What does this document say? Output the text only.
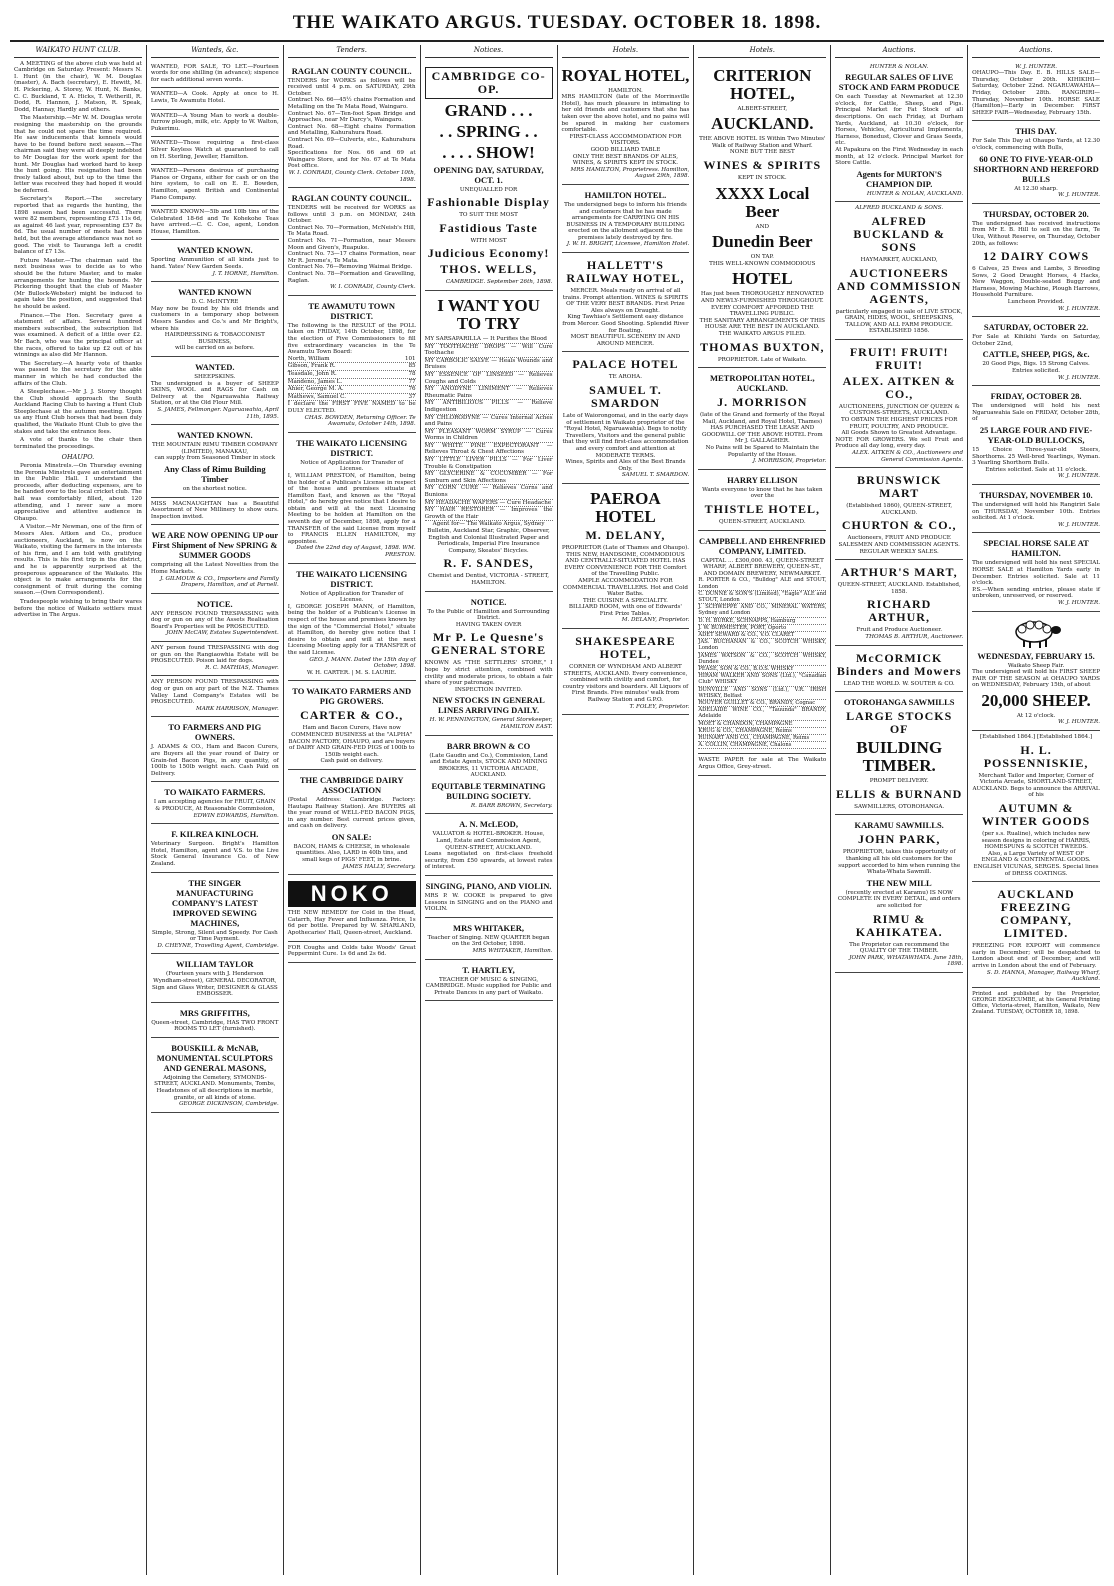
THE WAIKATO ARGUS. TUESDAY. OCTOBER 18. 1898.
WAIKATO HUNT CLUB.

A MEETING of the above club was held at Cambridge on Saturday. Present: Messrs N. I. Hunt (in the chair), W. M. Douglas (master), A. Bach (secretary), E. Hewitt, M. H. Pickering, A. Storey, W. Hunt, N. Banks, C. C. Buckland, T. A. Hicks, T. Wetherill, R. Dodd, R. Hannon, J. Matson, R. Speak, Dodd, Hannay, Hardly and others.

The Mastership.—Mr W. M. Douglas wrote resigning the mastership on the grounds that he could not spare the time required. He saw inducements that kennels would have to be found before next season.—The chairman said they were all deeply indebted to Mr Douglas for the work spent for the hunt. Mr Douglas had worked hard to keep the hunt going. His resignation had been freely talked about, but up to the time the letter was received they had hoped it would be deferred.

Secretary's Report.—The secretary reported that as regards the hunting, the 1898 season had been successful. There were 82 members, representing £73 11s 6d, as against 46 last year, representing £57 8s 6d. The usual number of meets had been held, but the average attendance was not so good. The visit to Tauranga left a credit balance of £7 13s.

Future Master.—The chairman said the next business was to decide as to who should be the future Master, and to make arrangements for hunting the hounds. Mr Pickering thought that the club of Master (Mr Bullock-Webster) might be induced to again take the position, and suggested that he should be asked.

Finance.—The Hon. Secretary gave a statement of affairs. Several hundred members subscribed, the subscription list was examined. A deficit of a little over £2. Mr Bach, who was the principal officer at the races, offered to take up £2 out of his winnings as also did Mr Hannon.

The Secretary.—A hearty vote of thanks was passed to the secretary for the able manner in which he had conducted the affairs of the Club.

A Steeplechase.—Mr J. J. Storey thought the Club should approach the South Auckland Racing Club to having a Hunt Club Steeplechase at the autumn meeting. Upon us any Hunt Club horses that had been duly qualified, the Waikato Hunt Club to give the stakes and take the entrance fees.

A vote of thanks to the chair then terminated the proceedings.

OHAUPO.

Peronia Minstrels.—On Thursday evening the Peronia Minstrels gave an entertainment in the Public Hall. I understand the proceeds, after deducting expenses, are to be handed over to the local cricket club. The hall was comfortably filled, about 120 attending, and I never saw a more appreciative and attentive audience in Ohaupo.

A Visitor.—Mr Newman, one of the firm of Messrs Alex. Aitken and Co., produce auctioneers, Auckland, is now on the Waikato, visiting the farmers in the interests of his firm, and I am told with gratifying results. This is his first trip in the district, and he is apparently surprised at the prosperous appearance of the Waikato. His object is to make arrangements for the consignment of fruit during the coming season.—(Own Correspondent).

Tradespeople wishing to bring their wares before the notice of Waikato settlers must advertise in The Argus.

Wanteds, &c.
WANTED, FOR SALE, TO LET.—Fourteen words for one shilling (in advance); sixpence for each additional seven words.
WANTED—A Cook. Apply at once to H. Lewis, Te Awamutu Hotel.
WANTED—A Young Man to work a double-furrow plough, milk, etc. Apply to W. Walton, Pukerimu.
WANTED—Those requiring a first-class Silver Keyless Watch at guaranteed to call on H. Sterling, Jeweller, Hamilton.
WANTED—Persons desirous of purchasing Pianos or Organs, either for cash or on the hire system, to call on E. E. Bowden, Hamilton, agent British and Continental Piano Company.
WANTED KNOWN—5lb and 10lb tins of the Celebrated 18-6d and Te Kohekohe Teas have arrived.—C. C. Coe, agent, London House, Hamilton.
WANTED KNOWN.
Sporting Ammunition of all kinds just to hand. Yates' New Garden Seeds.
J. T. HORNE, Hamilton.
WANTED KNOWN
D. C. McINTYRE
May now be found by his old friends and customers in a temporary shop between Messrs Sandes and Co.'s and Mr Bright's, where his
HAIRDRESSING & TOBACCONIST BUSINESS,
will be carried on as before.
WANTED.
SHEEPSKINS.
The undersigned is a buyer of SHEEP SKINS, WOOL and RAGS for Cash on Delivery at the Ngaruawahia Railway Station, or at the Old Flour Mill.
S. JAMES, Fellmonger. Ngaruawahia, April 11th, 1895.
WANTED KNOWN.
THE MOUNTAIN RIMU TIMBER COMPANY (LIMITED), MANAKAU,
can supply from Seasoned Timber in stock
Any Class of Rimu Building Timber
on the shortest notice.
MISS MACNAUGHTAN has a Beautiful Assortment of New Millinery to show ours. Inspection invited.
WE ARE NOW OPENING UP our First Shipment of New SPRING & SUMMER GOODS
comprising all the Latest Novelties from the Home Markets.
J. GILMOUR & CO., Importers and Family Drapers, Hamilton, and at Parnell.
NOTICE.
ANY PERSON FOUND TRESPASSING with dog or gun on any of the Assets Realisation Board's Properties will be PROSECUTED.
JOHN McCAW, Estates Superintendent.
ANY person found TRESPASSING with dog or gun on the Rangiaowhia Estate will be PROSECUTED. Poison laid for dogs.
R. C. MATHIAS, Manager.
ANY PERSON FOUND TRESPASSING with dog or gun on any part of the N.Z. Thames Valley Land Company's Estates will be PROSECUTED.
MARK HARRISON, Manager.
TO FARMERS AND PIG OWNERS.
J. ADAMS & CO., Ham and Bacon Curers, are Buyers all the year round of Dairy or Grain-fed Bacon Pigs, in any quantity, of 100lb to 150lb weight each. Cash Paid on Delivery.
TO WAIKATO FARMERS.
I am accepting agencies for FRUIT, GRAIN & PRODUCE, At Reasonable Commission,
EDWIN EDWARDS, Hamilton.
F. KILREA KINLOCH.
Veterinary Surgeon. Bright's Hamilton Hotel, Hamilton, agent and V.S. to the Live Stock General Insurance Co. of New Zealand.
THE SINGER MANUFACTURING COMPANY'S LATEST IMPROVED SEWING MACHINES,
Simple, Strong, Silent and Speedy. For Cash or Time Payment.
D. CHEYNE, Travelling Agent, Cambridge.
WILLIAM TAYLOR
(Fourteen years with J. Henderson Wyndham-street), GENERAL DECORATOR, Sign and Glass Writer, DESIGNER & GLASS EMBOSSER.
MRS GRIFFITHS,
Queen-street, Cambridge, HAS TWO FRONT ROOMS TO LET (furnished).
BOUSKILL & McNAB, MONUMENTAL SCULPTORS AND GENERAL MASONS,
Adjoining the Cemetery, SYMONDS-STREET, AUCKLAND. Monuments, Tombs, Headstones of all descriptions in marble, granite, or all kinds of stone.
GEORGE DICKINSON, Cambridge.
Tenders.
RAGLAN COUNTY COUNCIL.
TENDERS for WORKS as follows will be received until 4 p.m. on SATURDAY, 29th October.
Contract No. 66—45½ chains Formation and Metalling on the Te Mata Road, Waingaro.
Contract No. 67—Ten-foot Span Bridge and Approaches, near Mr Darcy's, Waingaro.
Contract No. 68—Eight chains Formation and Metalling, Kahurahura Road.
Contract No. 69—Culverts, etc., Kahurahura Road.
Specifications for Nos. 66 and 69 at Waingaro Store, and for No. 67 at Te Mata Post office.
W. I. CONRADI, County Clerk. October 10th, 1898.
RAGLAN COUNTY COUNCIL.
TENDERS will be received for WORKS as follows until 3 p.m. on MONDAY, 24th October.
Contract No. 70—Formation, McNeish's Hill, Te Mata Road.
Contract No. 71—Formation, near Messrs Moon and Given's, Ruapuke.
Contract No. 73—17 chains Formation, near Mr R. Jerome's, Te Mata.
Contract No. 76—Removing Waimai Bridge.
Contract No. 78—Formation and Gravelling, Raglan.
W. I. CONRADI, County Clerk.
TE AWAMUTU TOWN DISTRICT.
The following is the RESULT of the POLL taken on FRIDAY, 14th October, 1898, for the election of Five Commissioners to fill five extraordinary vacancies in the Te Awamutu Town Board:
North, William	101
Gibson, Frank R.	85
Teasdale, John R.	78
Mandeno, James L.	77
Ahier, George M. A.	76
Mathews, Samuel C.	37
I declare the FIRST FIVE NAMED to be DULY ELECTED.
CHAS. BOWDEN, Returning Officer. Te Awamutu, October 14th, 1898.
THE WAIKATO LICENSING DISTRICT.
Notice of Application for Transfer of License.
I, WILLIAM PRESTON, of Hamilton, being the holder of a Publican's License in respect of the house and premises situate at Hamilton East, and known as the "Royal Hotel," do hereby give notice that I desire to obtain and will at the next Licensing Meeting to be holden at Hamilton on the seventh day of December, 1898, apply for a TRANSFER of the said License from myself to FRANCIS ELLEN HAMILTON, my appointee.
Dated the 22nd day of August, 1898. WM. PRESTON.
THE WAIKATO LICENSING DISTRICT.
Notice of Application for Transfer of License.
I, GEORGE JOSEPH MANN, of Hamilton, being the holder of a Publican's License in respect of the house and premises known by the sign of the "Commercial Hotel," situate at Hamilton, do hereby give notice that I desire to obtain and will at the next Licensing Meeting apply for a TRANSFER of the said License.
GEO. J. MANN. Dated the 15th day of October, 1898.
W. H. CARTER. | M. S. LAURIE.
TO WAIKATO FARMERS AND PIG GROWERS.
CARTER & CO.,
Ham and Bacon Curers, Have now COMMENCED BUSINESS at the "ALPHA" BACON FACTORY, OHAUPO, and are buyers of DAIRY AND GRAIN-FED PIGS of 100lb to 150lb weight each.
Cash paid on delivery.
THE CAMBRIDGE DAIRY ASSOCIATION
(Postal Address: Cambridge. Factory: Hautapu Railway Station). Are BUYERS all the year round of WELL-FED BACON PIGS, in any number. Best current prices given, and cash on delivery.
ON SALE:
BACON, HAMS & CHEESE, in wholesale quantities. Also, LARD in 40lb tins, and small kegs of PIGS' FEET, in brine.
JAMES HALLY, Secretary.
NOKO
THE NEW REMEDY for Cold in the Head, Catarrh, Hay Fever and Influenza. Price, 1s 6d per bottle. Prepared by W. SHARLAND, Apothecaries' Hall, Queen-street, Auckland.
FOR Coughs and Colds take Woods' Great Peppermint Cure. 1s 6d and 2s 6d.
Notices.
CAMBRIDGE CO-OP.
GRAND . . .
. . SPRING . .
. . . . SHOW!
OPENING DAY, SATURDAY, OCT. 1.
UNEQUALLED FOR
Fashionable Display
TO SUIT THE MOST
Fastidious Taste
WITH MOST
Judicious Economy!
THOS. WELLS,
CAMBRIDGE. September 26th, 1898.
I WANT YOU TO TRY
MY SARSAPARILLA — It Purifies the Blood
MY TOOTHACHE DROPS — Will Cure Toothache
MY CARBOLIC SALVE — Heals Wounds and Bruises
MY ESSENCE OF LINSEED — Relieves Coughs and Colds
MY ANODYNE LINIMENT — Relieves Rheumatic Pains
MY ANTIBILIOUS PILLS — Relieve Indigestion
MY CHLORODYNE — Cures Internal Aches and Pains
MY PLEASANT WORM SYRUP — Cures Worms in Children
MY WHITE PINE EXPECTORANT — Relieves Throat & Chest Affections
MY LITTLE LIVER PILLS — For Liver Trouble & Constipation
MY GLYCERINE & CUCUMBER — For Sunburn and Skin Affections
MY CORN CURE — Relieves Corns and Bunions
MY HEADACHE WAFERS — Cure Headache
MY HAIR RESTORER — Improves the Growth of the Hair
Agent for— The Waikato Argus, Sydney Bulletin, Auckland Star, Graphic, Observer, English and Colonial Illustrated Paper and Periodicals, Imperial Fire Insurance Company, Skeates' Bicycles.
R. F. SANDES,
Chemist and Dentist, VICTORIA - STREET, HAMILTON.
NOTICE.
To the Public of Hamilton and Surrounding District.
HAVING TAKEN OVER
Mr P. Le Quesne's GENERAL STORE
KNOWN AS "THE SETTLERS' STORE," I hope by strict attention, combined with civility and moderate prices, to obtain a fair share of your patronage.
INSPECTION INVITED.
NEW STOCKS IN GENERAL LINES ARRIVING DAILY.
H. W. PENNINGTON, General Storekeeper, HAMILTON EAST.
BARR BROWN & CO
(Late Gaudin and Co.), Commission, Land and Estate Agents, STOCK AND MINING BROKERS, 11 VICTORIA ARCADE, AUCKLAND.
EQUITABLE TERMINATING BUILDING SOCIETY.
R. BARR BROWN, Secretary.
A. N. McLEOD,
VALUATOR & HOTEL-BROKER. House, Land, Estate and Commission Agent, QUEEN-STREET, AUCKLAND.
Loans negotiated on first-class freehold security, from £50 upwards, at lowest rates of interest.
SINGING, PIANO, AND VIOLIN.
MRS P. W. COOKE is prepared to give Lessons in SINGING and on the PIANO and VIOLIN.
MRS WHITAKER,
Teacher of Singing. NEW QUARTER began on the 3rd October, 1898.
MRS WHITAKER, Hamilton.
T. HARTLEY,
TEACHER OF MUSIC & SINGING, CAMBRIDGE. Music supplied for Public and Private Dances in any part of Waikato.
Hotels.
ROYAL HOTEL,
HAMILTON.
MRS HAMILTON (late of the Morrinsville Hotel), has much pleasure in intimating to her old friends and customers that she has taken over the above hotel, and no pains will be spared in making her customers comfortable.
FIRST-CLASS ACCOMMODATION FOR VISITORS.
GOOD BILLIARD TABLE
ONLY THE BEST BRANDS OF ALES, WINES, & SPIRITS KEPT IN STOCK.
MRS HAMILTON, Proprietress. Hamilton, August 29th, 1898.
HAMILTON HOTEL.
The undersigned begs to inform his friends and customers that he has made arrangements for CARRYING ON HIS BUSINESS IN A TEMPORARY BUILDING erected on the allotment adjacent to the premises lately destroyed by fire.
J. W. H. BRIGHT, Licensee, Hamilton Hotel.
HALLETT'S RAILWAY HOTEL,
MERCER. Meals ready on arrival of all trains. Prompt attention. WINES & SPIRITS OF THE VERY BEST BRANDS. First Prize Ales always on Draught.
King Tawhiao's Settlement easy distance from Mercer. Good Shooting. Splendid River for Boating.
MOST BEAUTIFUL SCENERY IN AND AROUND MERCER.
PALACE HOTEL
TE AROHA.
SAMUEL T. SMARDON
Late of Waiorongomai, and in the early days of settlement in Waikato proprietor of the "Royal Hotel, Ngaruawahia). Begs to notify Travellers, Visitors and the general public that they will find first-class accommodation and every comfort and attention at MODERATE TERMS.
Wines, Spirits and Ales of the Best Brands Only.
SAMUEL T. SMARDON.
PAEROA HOTEL
M. DELANY,
PROPRIETOR (Late of Thames and Ohaupo).
THIS NEW, HANDSOME, COMMODIOUS AND CENTRALLY-SITUATED HOTEL HAS EVERY CONVENIENCE FOR THE Comfort of the Travelling Public.
AMPLE ACCOMMODATION FOR COMMERCIAL TRAVELLERS. Hot and Cold Water Baths.
THE CUISINE A SPECIALITY.
BILLIARD ROOM, with one of Edwards' First Prize Tables.
M. DELANY, Proprietor.
SHAKESPEARE HOTEL,
CORNER OF WYNDHAM AND ALBERT STREETS, AUCKLAND. Every convenience, combined with civility and comfort, for country visitors and boarders. All Liquors of First Brands. Five minutes' walk from Railway Station and G.P.O.
T. FOLEY, Proprietor.
Hotels.
CRITERION HOTEL,
ALBERT-STREET,
AUCKLAND.
THE ABOVE HOTEL IS Within Two Minutes' Walk of Railway Station and Wharf.
NONE BUT THE BEST
WINES & SPIRITS
KEPT IN STOCK.
XXXX Local Beer
AND
Dunedin Beer
ON TAP.
THIS WELL-KNOWN COMMODIOUS
HOTEL
Has just been THOROUGHLY RENOVATED AND NEWLY-FURNISHED THROUGHOUT.
EVERY COMFORT AFFORDED THE TRAVELLING PUBLIC.
THE SANITARY ARRANGEMENTS OF THIS HOUSE ARE THE BEST IN AUCKLAND.
THE WAIKATO ARGUS FILED.
THOMAS BUXTON,
PROPRIETOR. Late of Waikato.
METROPOLITAN HOTEL, AUCKLAND.
J. MORRISON
(late of the Grand and formerly of the Royal Mail, Auckland, and Royal Hotel, Thames) HAS PURCHASED THE LEASE AND GOODWILL OF THE ABOVE HOTEL From Mr J. GALLAGHER.
No Pains will be Spared to Maintain the Popularity of the House.
J. MORRISON, Proprietor.
HARRY ELLISON
Wants everyone to know that he has taken over the
THISTLE HOTEL,
QUEEN-STREET, AUCKLAND.
CAMPBELL AND EHRENFRIED COMPANY, LIMITED.
CAPITAL ... £300,000. 43, QUEEN-STREET WHARF, ALBERT BREWERY, QUEEN-ST., AND DOMAIN BREWERY, NEWMARKET.
R. PORTER & CO., "Bulldog" ALE and STOUT, London
C. DUNNE & SON'S (Limited), "Eagle" ALE and STOUT, London
J. SCHWEPPE AND CO., MINERAL WATERS, Sydney and London
D. H. BURKE, SCHNAPPS, Hamburg
J. W. BURMESTER, PORT, Oporto
ADET SEWARD & CO., V.O. CLARET
JAS. BUCHANAN & CO., SCOTCH WHISKY, London
JAMES WATSON & CO., SCOTCH WHISKY, Dundee
PEASE, SON & CO., B.O.S. WHISKY
HIRAM WALKER AND SONS (Ltd.), "Canadian Club" WHISKY
DUNVILLE AND SONS (Ltd.), V.R. IRISH WHISKY, Belfast
ROUYER GUILLET & CO., BRANDY, Cognac
ADELAIDE WINE CO., "Tauunda" BRANDY, Adelaide
MOET & CHANDON, CHAMPAGNE
KRUG & CO., CHAMPAGNE, Reims
RUINART AND CO., CHAMPAGNE, Reims
A. COLLIN, CHAMPAGNE, Chalons
WASTE PAPER for sale at The Waikato Argus Office, Grey-street.
Auctions.
HUNTER & NOLAN.
REGULAR SALES OF LIVE STOCK AND FARM PRODUCE
On each Tuesday at Newmarket at 12.30 o'clock, for Cattle, Sheep, and Pigs. Principal Market for Fat Stock of all descriptions. On each Friday, at Durham Yards, Auckland, at 10.30 o'clock, for Horses, Vehicles, Agricultural Implements, Harness, Bonedust, Clover and Grass Seeds, etc.
At Papakura on the First Wednesday in each month, at 12 o'clock. Principal Market for Store Cattle.
Agents for MURTON'S CHAMPION DIP.
HUNTER & NOLAN, AUCKLAND.
ALFRED BUCKLAND & SONS.
ALFRED BUCKLAND & SONS
HAYMARKET, AUCKLAND,
AUCTIONEERS AND COMMISSION AGENTS,
particularly engaged in sale of LIVE STOCK, GRAIN, HIDES, WOOL, SHEEPSKINS, TALLOW, AND ALL FARM PRODUCE.
ESTABLISHED 1856.
FRUIT! FRUIT! FRUIT!
ALEX. AITKEN & CO.,
AUCTIONEERS, JUNCTION OF QUEEN & CUSTOMS-STREETS, AUCKLAND.
TO OBTAIN THE HIGHEST PRICES FOR FRUIT, POULTRY, AND PRODUCE.
All Goods Shown to Greatest Advantage.
NOTE FOR GROWERS. We sell Fruit and Produce all day long, every day.
ALEX. AITKEN & CO., Auctioneers and General Commission Agents.
BRUNSWICK MART
(Established 1860), QUEEN-STREET, AUCKLAND.
CHURTON & CO.,
Auctioneers, FRUIT AND PRODUCE SALESMEN AND COMMISSION AGENTS. REGULAR WEEKLY SALES.
ARTHUR'S MART,
QUEEN-STREET, AUCKLAND. Established, 1858.
RICHARD ARTHUR,
Fruit and Produce Auctioneer.
THOMAS B. ARTHUR, Auctioneer.
McCORMICK Binders and Mowers
LEAD THE WORLD. W. SOUTER & CO.
OTOROHANGA SAWMILLS
LARGE STOCKS OF
BUILDING TIMBER.
PROMPT DELIVERY.
ELLIS & BURNAND
SAWMILLERS, OTOROHANGA.
KARAMU SAWMILLS.
JOHN PARK,
PROPRIETOR, takes this opportunity of thanking all his old customers for the support accorded to him when running the Whata-Whata Sawmill.
THE NEW MILL
(recently erected at Karamu) IS NOW COMPLETE IN EVERY DETAIL, and orders are solicited for
RIMU & KAHIKATEA.
The Proprietor can recommend the QUALITY OF THE TIMBER.
JOHN PARK, WHATAWHATA. June 18th, 1898.
Auctions.
W. J. HUNTER.
OHAUPO—This Day. E. B. HILLS SALE—Thursday, October 20th. KIHIKIHI—Saturday, October 22nd. NGARUAWAHIA—Friday, October 28th. RANGIRIRI—Thursday, November 10th. HORSE SALE (Hamilton)—Early in December. FIRST SHEEP FAIR—Wednesday, February 15th.
THIS DAY.
For Sale This Day at Ohaupo Yards, at 12.30 o'clock, commencing with Bulls,
60 ONE TO FIVE-YEAR-OLD SHORTHORN AND HEREFORD BULLS
At 12.30 sharp.
W. J. HUNTER.
THURSDAY, OCTOBER 20.
The undersigned has received instructions from Mr E. B. Hill to sell on the farm, Te Uku, Without Reserve, on Thursday, October 20th, as follows:
12 DAIRY COWS
6 Calves, 25 Ewes and Lambs, 3 Breeding Sows, 2 Good Draught Horses, 4 Hacks, New Waggon, Double-seated Buggy and Harness, Mowing Machine, Plough Harrows, Household Furniture.
Luncheon Provided.
W. J. HUNTER.
SATURDAY, OCTOBER 22.
For Sale at Kihikihi Yards on Saturday, October 22nd,
CATTLE, SHEEP, PIGS, &c.
20 Good Pigs, Bigs. 15 Strong Calves. Entries solicited.
W. J. HUNTER.
FRIDAY, OCTOBER 28.
The undersigned will hold his next Ngaruawahia Sale on FRIDAY, October 28th, of
25 LARGE FOUR AND FIVE-YEAR-OLD BULLOCKS,
15 Choice Three-year-old Steers, Shorthorns. 25 Well-bred Yearlings, Wyman. 3 Yearling Shorthorn Bulls.
Entries solicited. Sale at 11 o'clock.
W. J. HUNTER.
THURSDAY, NOVEMBER 10.
The undersigned will hold his Rangiriri Sale on THURSDAY, November 10th. Entries solicited. At 1 o'clock.
W. J. HUNTER.
SPECIAL HORSE SALE AT HAMILTON.
The undersigned will hold his next SPECIAL HORSE SALE at Hamilton Yards early in December. Entries solicited. Sale at 11 o'clock.
P.S.—When sending entries, please state if unbroken, unreserved, or reserved.
W. J. HUNTER.
WEDNESDAY, FEBRUARY 15.
Waikato Sheep Fair.
The undersigned will hold his FIRST SHEEP FAIR OF THE SEASON at OHAUPO YARDS on WEDNESDAY, February 15th, of about
20,000 SHEEP.
At 12 o'clock.
W. J. HUNTER.
[Established 1864.] [Established 1864.]
H. L. POSSENNISKIE,
Merchant Tailor and Importer, Corner of Victoria Arcade, SHORTLAND-STREET, AUCKLAND. Begs to announce the ARRIVAL of his
AUTUMN & WINTER GOODS
(per s.s. Rualine), which includes new season designs in coloring of HARRIS, HOMESPUNS & SCOTCH TWEEDS.
Also, a Large Variety of WEST OF ENGLAND & CONTINENTAL GOODS. ENGLISH VICUNAS, SERGES. Special lines of DRESS COATINGS.
AUCKLAND FREEZING COMPANY, LIMITED.
FREEZING FOR EXPORT will commence early in December; will be despatched to London about end of December, and will arrive in London about the end of February.
S. D. HANNA, Manager, Railway Wharf, Auckland.
Printed and published by the Proprietor, GEORGE EDGECUMBE, at his General Printing Office, Victoria-street, Hamilton, Waikato, New Zealand. TUESDAY, OCTOBER 18, 1898.
